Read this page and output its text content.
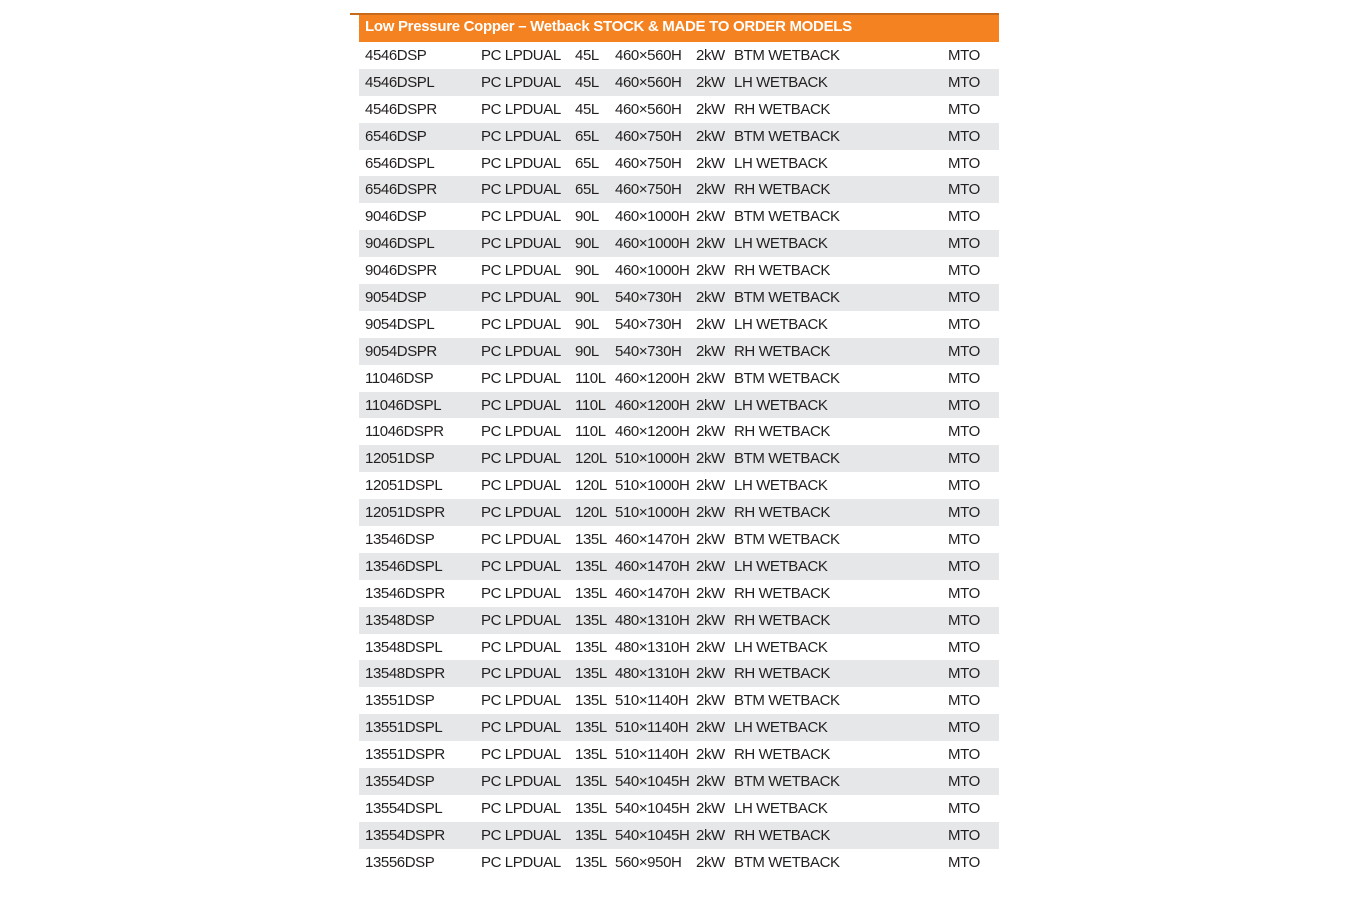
Low Pressure Copper – Wetback STOCK & MADE TO ORDER MODELS
4546DSP	PC LPDUAL 45L 460×560H 2kW BTM WETBACK	MTO
4546DSPL	PC LPDUAL 45L 460×560H 2kW LH WETBACK	MTO
4546DSPR	PC LPDUAL 45L 460×560H 2kW RH WETBACK	MTO
6546DSP	PC LPDUAL 65L 460×750H 2kW BTM WETBACK	MTO
6546DSPL	PC LPDUAL 65L 460×750H 2kW LH WETBACK	MTO
6546DSPR	PC LPDUAL 65L 460×750H 2kW RH WETBACK	MTO
9046DSP	PC LPDUAL 90L 460×1000H 2kW BTM WETBACK	MTO
9046DSPL	PC LPDUAL 90L 460×1000H 2kW LH WETBACK	MTO
9046DSPR	PC LPDUAL 90L 460×1000H 2kW RH WETBACK	MTO
9054DSP	PC LPDUAL 90L 540×730H 2kW BTM WETBACK	MTO
9054DSPL	PC LPDUAL 90L 540×730H 2kW LH WETBACK	MTO
9054DSPR	PC LPDUAL 90L 540×730H 2kW RH WETBACK	MTO
11046DSP	PC LPDUAL 110L 460×1200H 2kW BTM WETBACK	MTO
11046DSPL	PC LPDUAL 110L 460×1200H 2kW LH WETBACK	MTO
11046DSPR PC LPDUAL 110L 460×1200H 2kW RH WETBACK	MTO
12051DSP	PC LPDUAL 120L 510×1000H 2kW BTM WETBACK	MTO
12051DSPL	PC LPDUAL 120L 510×1000H 2kW LH WETBACK	MTO
12051DSPR PC LPDUAL 120L 510×1000H 2kW RH WETBACK	MTO
13546DSP	PC LPDUAL 135L 460×1470H 2kW BTM WETBACK	MTO
13546DSPL	PC LPDUAL 135L 460×1470H 2kW LH WETBACK	MTO
13546DSPR PC LPDUAL 135L 460×1470H 2kW RH WETBACK	MTO
13548DSP	PC LPDUAL 135L 480×1310H 2kW RH WETBACK	MTO
13548DSPL	PC LPDUAL 135L 480×1310H 2kW LH WETBACK	MTO
13548DSPR PC LPDUAL 135L 480×1310H 2kW RH WETBACK	MTO
13551DSP	PC LPDUAL 135L 510×1140H 2kW BTM WETBACK	MTO
13551DSPL	PC LPDUAL 135L 510×1140H 2kW LH WETBACK	MTO
13551DSPR PC LPDUAL 135L 510×1140H 2kW RH WETBACK	MTO
13554DSP	PC LPDUAL 135L 540×1045H 2kW BTM WETBACK	MTO
13554DSPL	PC LPDUAL 135L 540×1045H 2kW LH WETBACK	MTO
13554DSPR PC LPDUAL 135L 540×1045H 2kW RH WETBACK	MTO
13556DSP	PC LPDUAL 135L 560×950H 2kW BTM WETBACK	MTO
